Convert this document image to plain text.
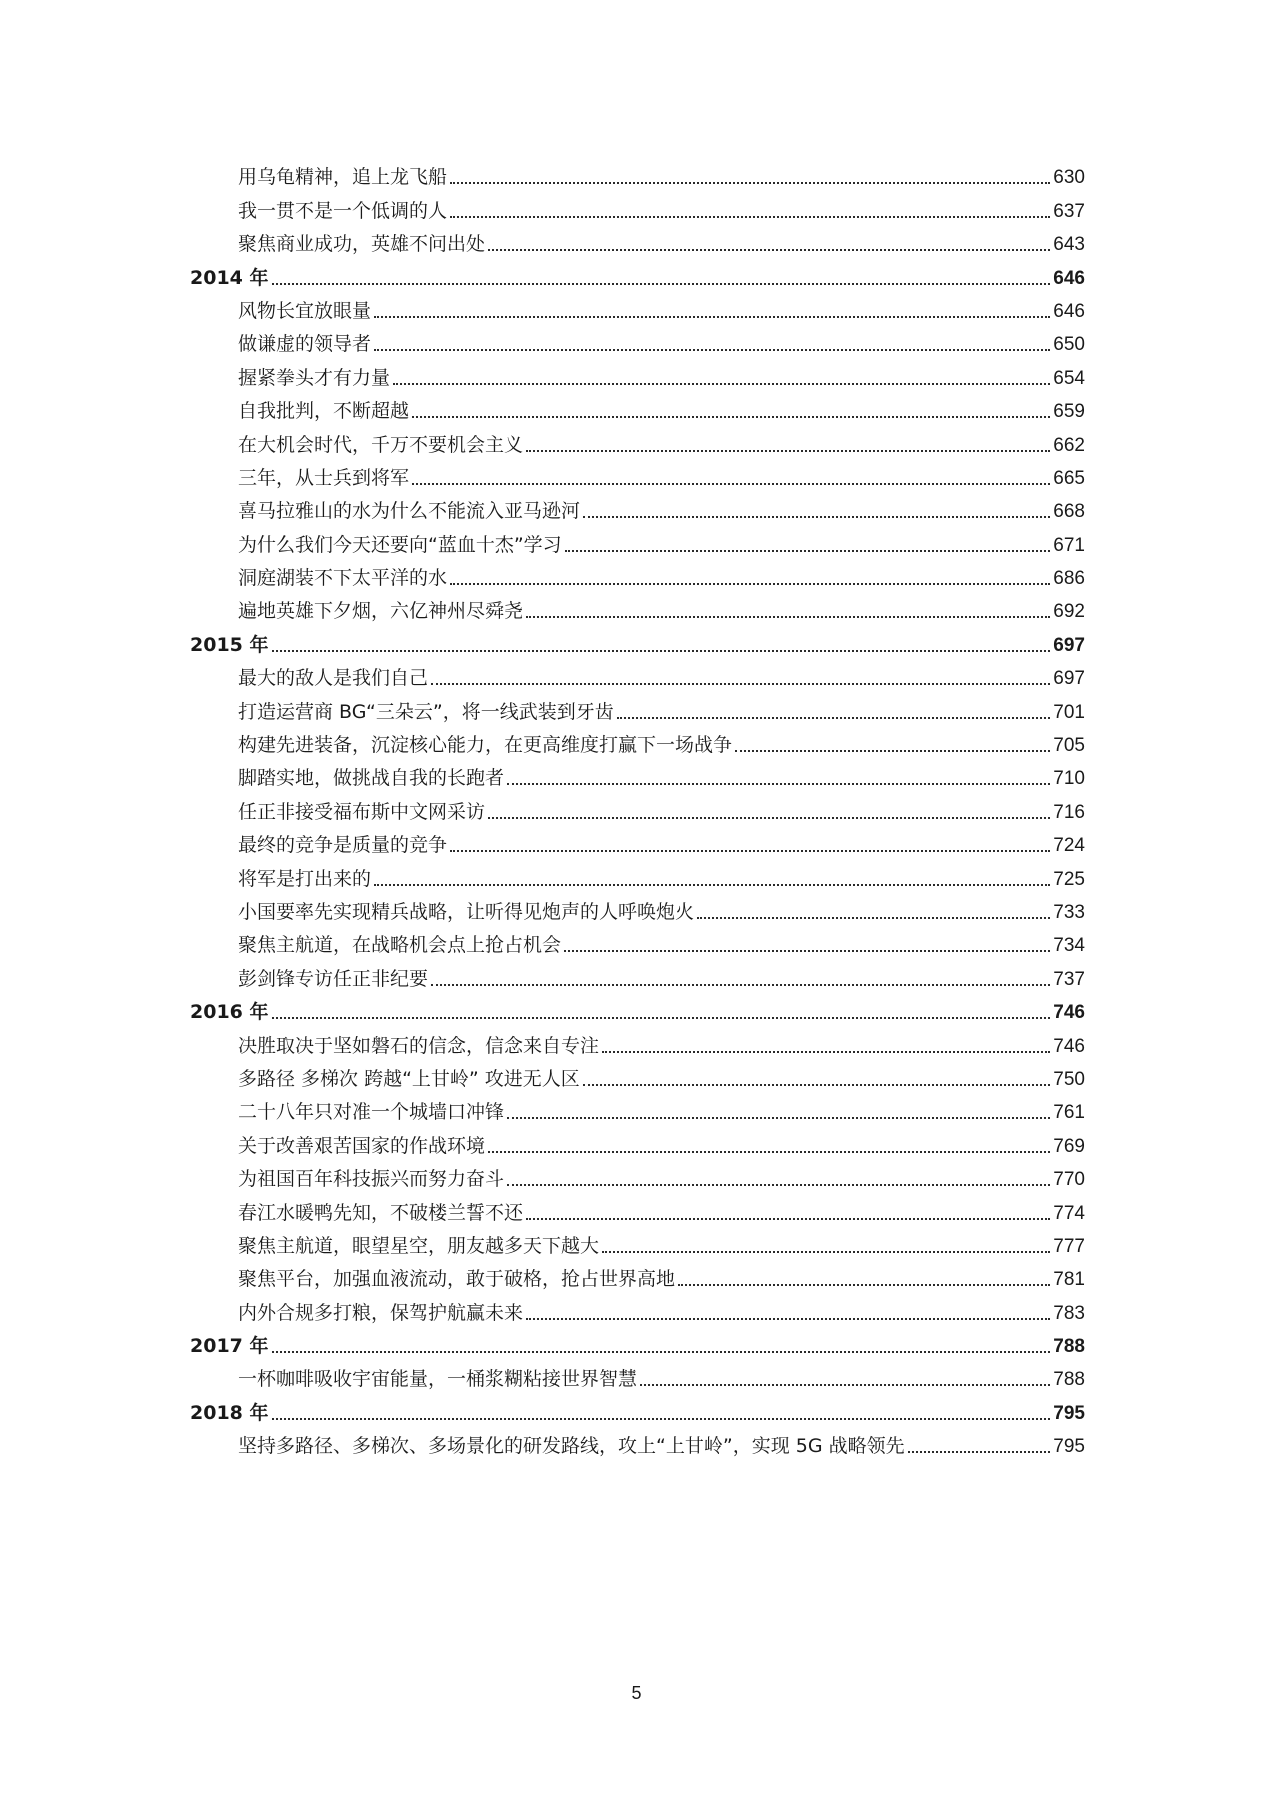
用乌龟精神，追上龙飞船	630
我一贯不是一个低调的人	637
聚焦商业成功，英雄不问出处	643
2014 年	646
风物长宜放眼量	646
做谦虚的领导者	650
握紧拳头才有力量	654
自我批判，不断超越	659
在大机会时代，千万不要机会主义	662
三年，从士兵到将军	665
喜马拉雅山的水为什么不能流入亚马逊河	668
为什么我们今天还要向“蓝血十杰”学习	671
洞庭湖装不下太平洋的水	686
遍地英雄下夕烟，六亿神州尽舜尧	692
2015 年	697
最大的敌人是我们自己	697
打造运营商 BG“三朵云”，将一线武装到牙齿	701
构建先进装备，沉淀核心能力，在更高维度打赢下一场战争	705
脚踏实地，做挑战自我的长跑者	710
任正非接受福布斯中文网采访	716
最终的竞争是质量的竞争	724
将军是打出来的	725
小国要率先实现精兵战略，让听得见炮声的人呼唤炮火	733
聚焦主航道，在战略机会点上抢占机会	734
彭剑锋专访任正非纪要	737
2016 年	746
决胜取决于坚如磐石的信念，信念来自专注	746
多路径 多梯次 跨越“上甘岭” 攻进无人区	750
二十八年只对准一个城墙口冲锋	761
关于改善艰苦国家的作战环境	769
为祖国百年科技振兴而努力奋斗	770
春江水暖鸭先知，不破楼兰誓不还	774
聚焦主航道，眼望星空，朋友越多天下越大	777
聚焦平台，加强血液流动，敢于破格，抢占世界高地	781
内外合规多打粮，保驾护航赢未来	783
2017 年	788
一杯咖啡吸收宇宙能量，一桶浆糊粘接世界智慧	788
2018 年	795
坚持多路径、多梯次、多场景化的研发路线，攻上“上甘岭”，实现 5G 战略领先	795
5
